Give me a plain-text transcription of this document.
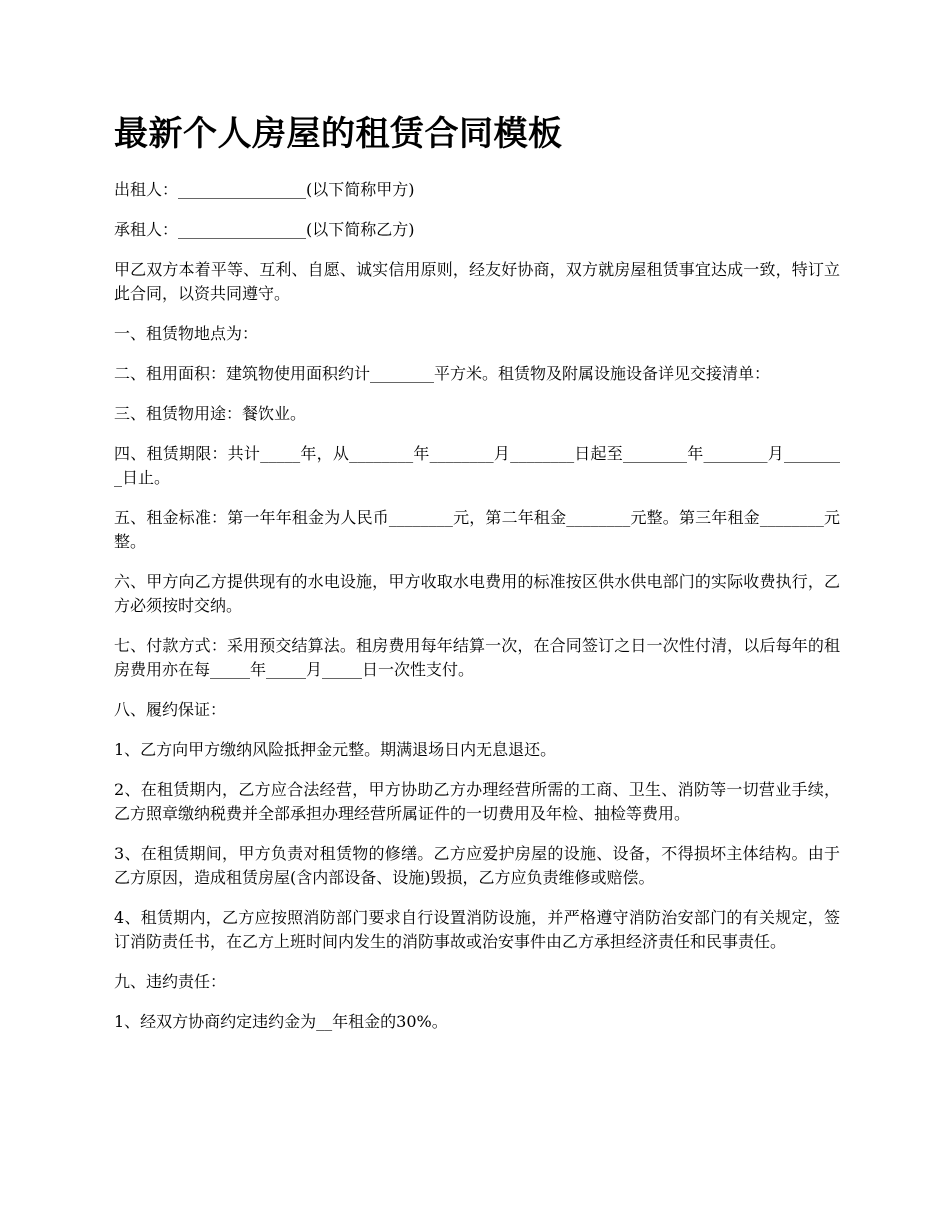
最新个人房屋的租赁合同模板

出租人：________________(以下简称甲方)

承租人：________________(以下简称乙方)

甲乙双方本着平等、互利、自愿、诚实信用原则，经友好协商，双方就房屋租赁事宜达成一致，特订立此合同，以资共同遵守。

一、租赁物地点为：

二、租用面积：建筑物使用面积约计________平方米。租赁物及附属设施设备详见交接清单：

三、租赁物用途：餐饮业。

四、租赁期限：共计_____年，从________年________月________日起至________年________月________日止。

五、租金标准：第一年年租金为人民币________元，第二年租金________元整。第三年租金________元整。

六、甲方向乙方提供现有的水电设施，甲方收取水电费用的标准按区供水供电部门的实际收费执行，乙方必须按时交纳。

七、付款方式：采用预交结算法。租房费用每年结算一次，在合同签订之日一次性付清，以后每年的租房费用亦在每_____年_____月_____日一次性支付。

八、履约保证：

1、乙方向甲方缴纳风险抵押金元整。期满退场日内无息退还。

2、在租赁期内，乙方应合法经营，甲方协助乙方办理经营所需的工商、卫生、消防等一切营业手续，乙方照章缴纳税费并全部承担办理经营所属证件的一切费用及年检、抽检等费用。

3、在租赁期间，甲方负责对租赁物的修缮。乙方应爱护房屋的设施、设备，不得损坏主体结构。由于乙方原因，造成租赁房屋(含内部设备、设施)毁损，乙方应负责维修或赔偿。

4、租赁期内，乙方应按照消防部门要求自行设置消防设施，并严格遵守消防治安部门的有关规定，签订消防责任书，在乙方上班时间内发生的消防事故或治安事件由乙方承担经济责任和民事责任。

九、违约责任：

1、经双方协商约定违约金为__年租金的30%。
